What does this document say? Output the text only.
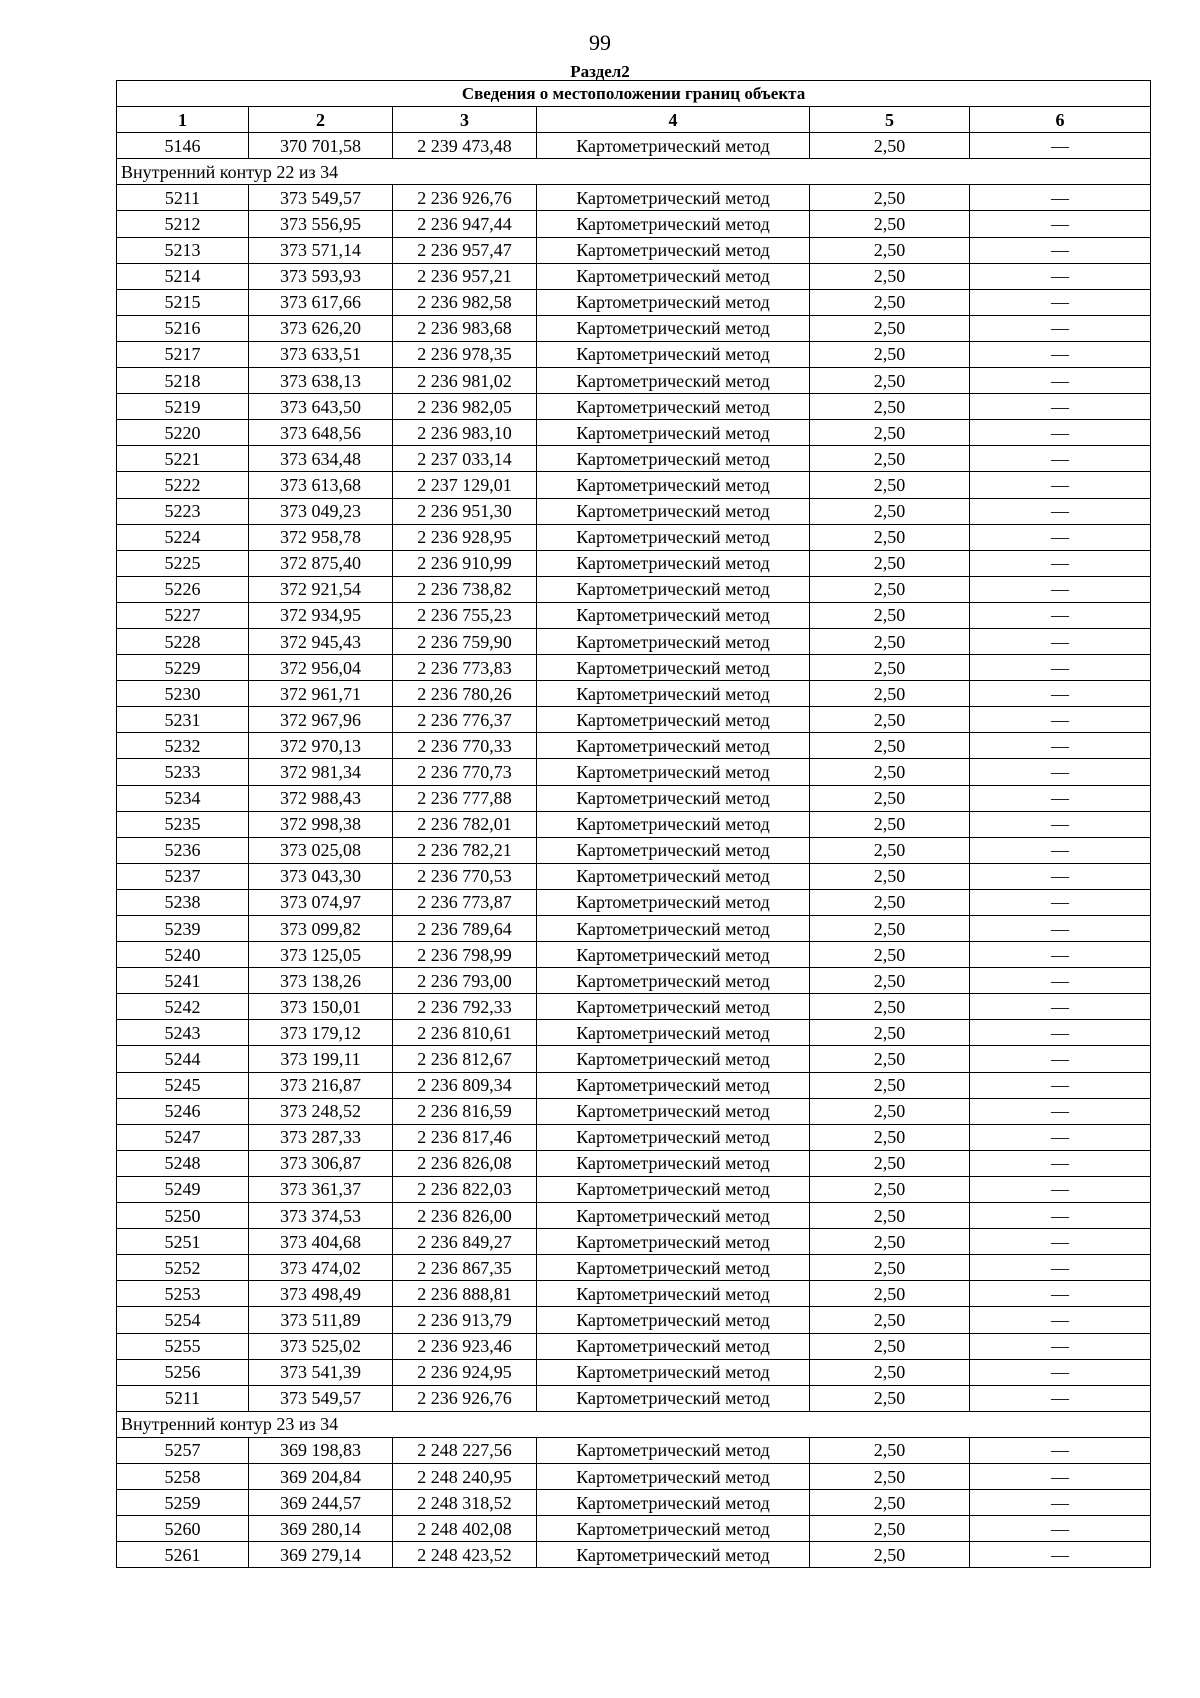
99
Раздел2
Сведения о местоположении границ объекта					
1	2	3	4	5	6
5146	370 701,58	2 239 473,48	Картометрический метод	2,50	—
Внутренний контур 22 из 34					
5211	373 549,57	2 236 926,76	Картометрический метод	2,50	—
5212	373 556,95	2 236 947,44	Картометрический метод	2,50	—
5213	373 571,14	2 236 957,47	Картометрический метод	2,50	—
5214	373 593,93	2 236 957,21	Картометрический метод	2,50	—
5215	373 617,66	2 236 982,58	Картометрический метод	2,50	—
5216	373 626,20	2 236 983,68	Картометрический метод	2,50	—
5217	373 633,51	2 236 978,35	Картометрический метод	2,50	—
5218	373 638,13	2 236 981,02	Картометрический метод	2,50	—
5219	373 643,50	2 236 982,05	Картометрический метод	2,50	—
5220	373 648,56	2 236 983,10	Картометрический метод	2,50	—
5221	373 634,48	2 237 033,14	Картометрический метод	2,50	—
5222	373 613,68	2 237 129,01	Картометрический метод	2,50	—
5223	373 049,23	2 236 951,30	Картометрический метод	2,50	—
5224	372 958,78	2 236 928,95	Картометрический метод	2,50	—
5225	372 875,40	2 236 910,99	Картометрический метод	2,50	—
5226	372 921,54	2 236 738,82	Картометрический метод	2,50	—
5227	372 934,95	2 236 755,23	Картометрический метод	2,50	—
5228	372 945,43	2 236 759,90	Картометрический метод	2,50	—
5229	372 956,04	2 236 773,83	Картометрический метод	2,50	—
5230	372 961,71	2 236 780,26	Картометрический метод	2,50	—
5231	372 967,96	2 236 776,37	Картометрический метод	2,50	—
5232	372 970,13	2 236 770,33	Картометрический метод	2,50	—
5233	372 981,34	2 236 770,73	Картометрический метод	2,50	—
5234	372 988,43	2 236 777,88	Картометрический метод	2,50	—
5235	372 998,38	2 236 782,01	Картометрический метод	2,50	—
5236	373 025,08	2 236 782,21	Картометрический метод	2,50	—
5237	373 043,30	2 236 770,53	Картометрический метод	2,50	—
5238	373 074,97	2 236 773,87	Картометрический метод	2,50	—
5239	373 099,82	2 236 789,64	Картометрический метод	2,50	—
5240	373 125,05	2 236 798,99	Картометрический метод	2,50	—
5241	373 138,26	2 236 793,00	Картометрический метод	2,50	—
5242	373 150,01	2 236 792,33	Картометрический метод	2,50	—
5243	373 179,12	2 236 810,61	Картометрический метод	2,50	—
5244	373 199,11	2 236 812,67	Картометрический метод	2,50	—
5245	373 216,87	2 236 809,34	Картометрический метод	2,50	—
5246	373 248,52	2 236 816,59	Картометрический метод	2,50	—
5247	373 287,33	2 236 817,46	Картометрический метод	2,50	—
5248	373 306,87	2 236 826,08	Картометрический метод	2,50	—
5249	373 361,37	2 236 822,03	Картометрический метод	2,50	—
5250	373 374,53	2 236 826,00	Картометрический метод	2,50	—
5251	373 404,68	2 236 849,27	Картометрический метод	2,50	—
5252	373 474,02	2 236 867,35	Картометрический метод	2,50	—
5253	373 498,49	2 236 888,81	Картометрический метод	2,50	—
5254	373 511,89	2 236 913,79	Картометрический метод	2,50	—
5255	373 525,02	2 236 923,46	Картометрический метод	2,50	—
5256	373 541,39	2 236 924,95	Картометрический метод	2,50	—
5211	373 549,57	2 236 926,76	Картометрический метод	2,50	—
Внутренний контур 23 из 34					
5257	369 198,83	2 248 227,56	Картометрический метод	2,50	—
5258	369 204,84	2 248 240,95	Картометрический метод	2,50	—
5259	369 244,57	2 248 318,52	Картометрический метод	2,50	—
5260	369 280,14	2 248 402,08	Картометрический метод	2,50	—
5261	369 279,14	2 248 423,52	Картометрический метод	2,50	—
